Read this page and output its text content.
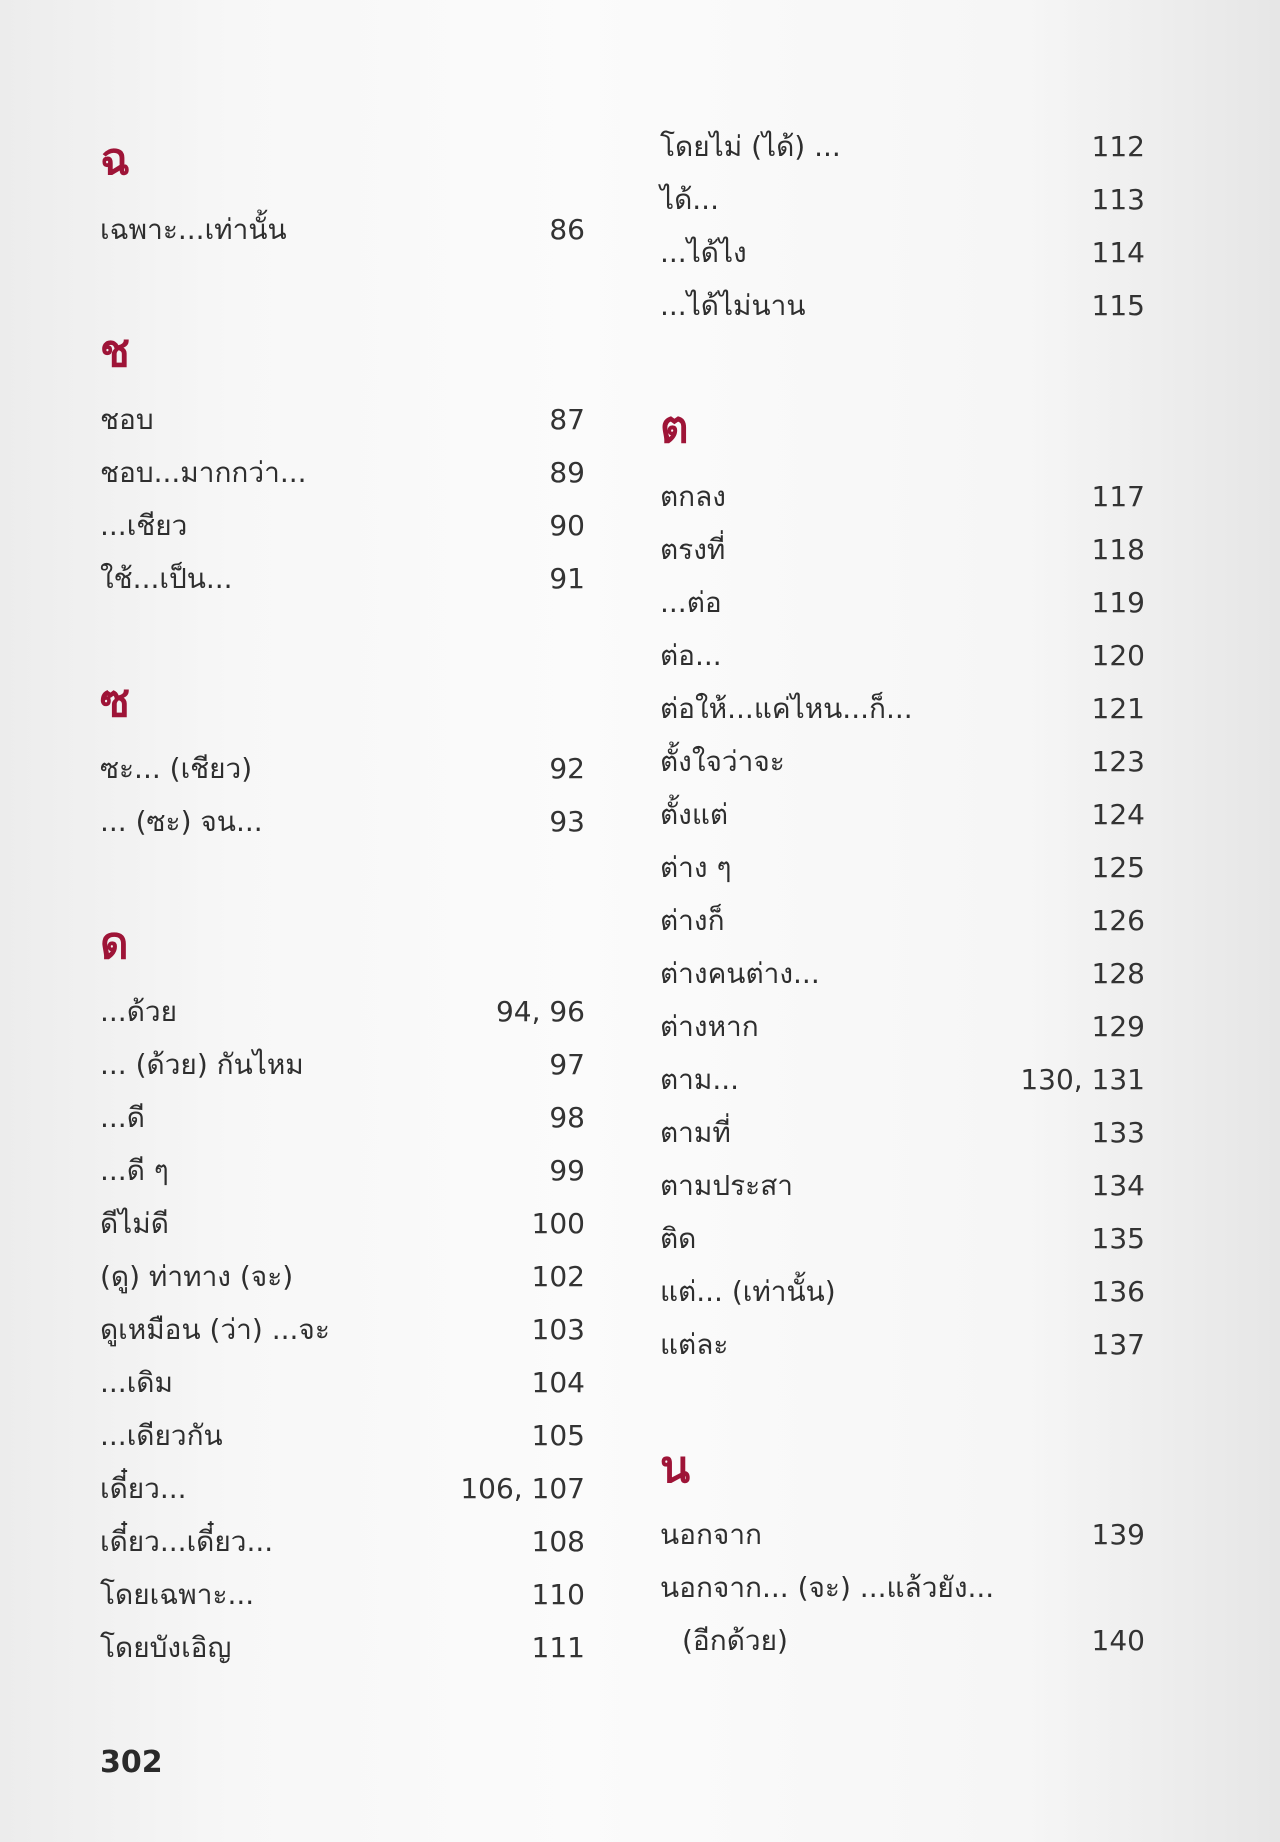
ฉ
เฉพาะ...เท่านั้น	86
ช
ชอบ	87
ชอบ...มากกว่า...	89
...เชียว	90
ใช้...เป็น...	91
ซ
ซะ... (เชียว)	92
... (ซะ) จน...	93
ด
...ด้วย	94, 96
... (ด้วย) กันไหม	97
...ดี	98
...ดี ๆ	99
ดีไม่ดี	100
(ดู) ท่าทาง (จะ)	102
ดูเหมือน (ว่า) ...จะ	103
...เดิม	104
...เดียวกัน	105
เดี๋ยว...	106, 107
เดี๋ยว...เดี๋ยว...	108
โดยเฉพาะ...	110
โดยบังเอิญ	111
โดยไม่ (ได้) ...	112
ได้...	113
...ได้ไง	114
...ได้ไม่นาน	115
ต
ตกลง	117
ตรงที่	118
...ต่อ	119
ต่อ...	120
ต่อให้...แค่ไหน...ก็...	121
ตั้งใจว่าจะ	123
ตั้งแต่	124
ต่าง ๆ	125
ต่างก็	126
ต่างคนต่าง...	128
ต่างหาก	129
ตาม...	130, 131
ตามที่	133
ตามประสา	134
ติด	135
แต่... (เท่านั้น)	136
แต่ละ	137
น
นอกจาก	139
นอกจาก... (จะ) ...แล้วยัง...
(อีกด้วย)	140
302
